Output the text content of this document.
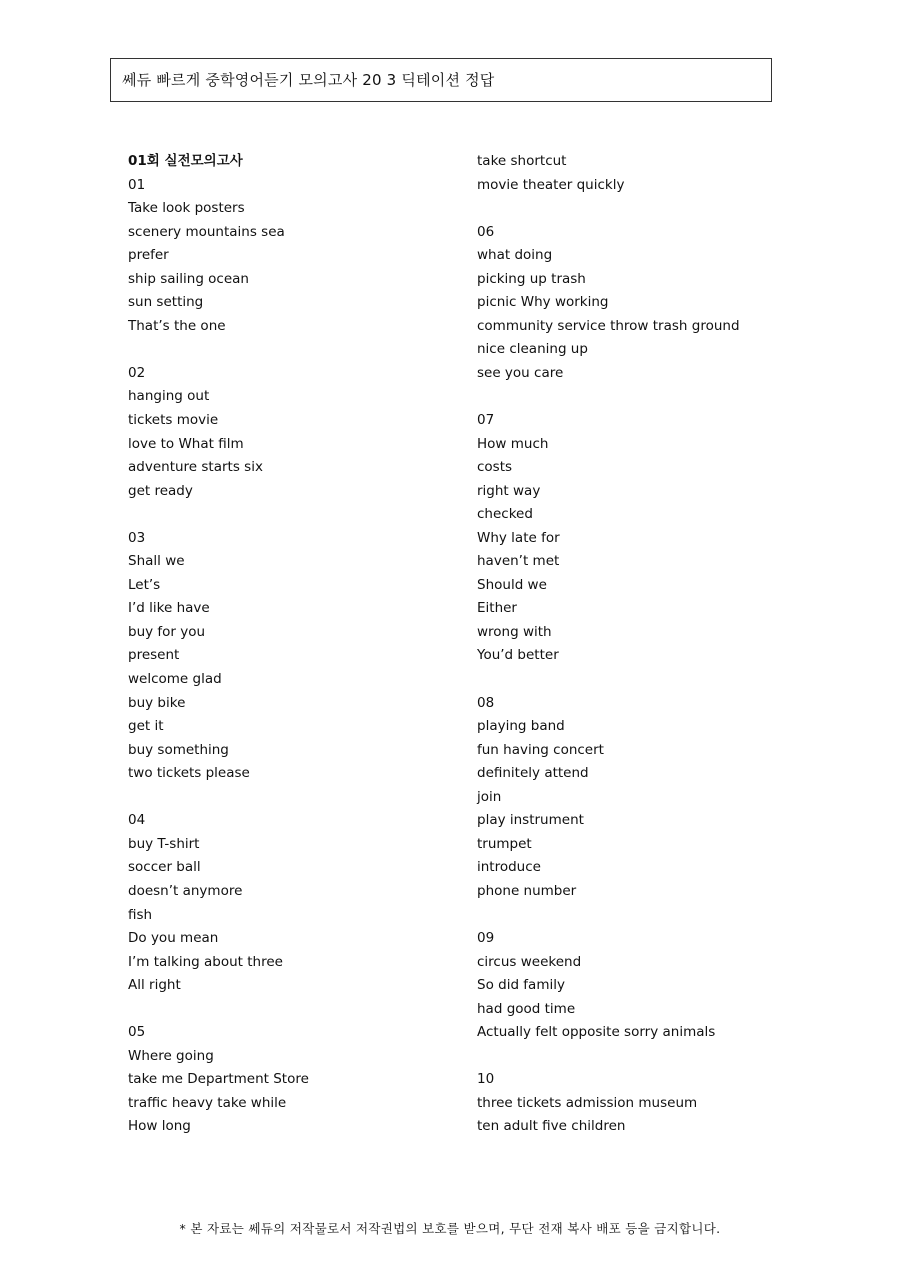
쎄듀 빠르게 중학영어듣기 모의고사 20 3 딕테이션 정답
01회 실전모의고사
01
Take look posters
scenery mountains sea
prefer
ship sailing ocean
sun setting
That’s the one
02
hanging out
tickets movie
love to What film
adventure starts six
get ready
03
Shall we
Let’s
I’d like have
buy for you
present
welcome glad
buy bike
get it
buy something
two tickets please
04
buy T-shirt
soccer ball
doesn’t anymore
fish
Do you mean
I’m talking about three
All right
05
Where going
take me Department Store
traffic heavy take while
How long
take shortcut
movie theater quickly
06
what doing
picking up trash
picnic Why working
community service throw trash ground
nice cleaning up
see you care
07
How much
costs
right way
checked
Why late for
haven’t met
Should we
Either
wrong with
You’d better
08
playing band
fun having concert
definitely attend
join
play instrument
trumpet
introduce
phone number
09
circus weekend
So did family
had good time
Actually felt opposite sorry animals
10
three tickets admission museum
ten adult five children
* 본 자료는 쎄듀의 저작물로서 저작권법의 보호를 받으며, 무단 전재 복사 배포 등을 금지합니다.
